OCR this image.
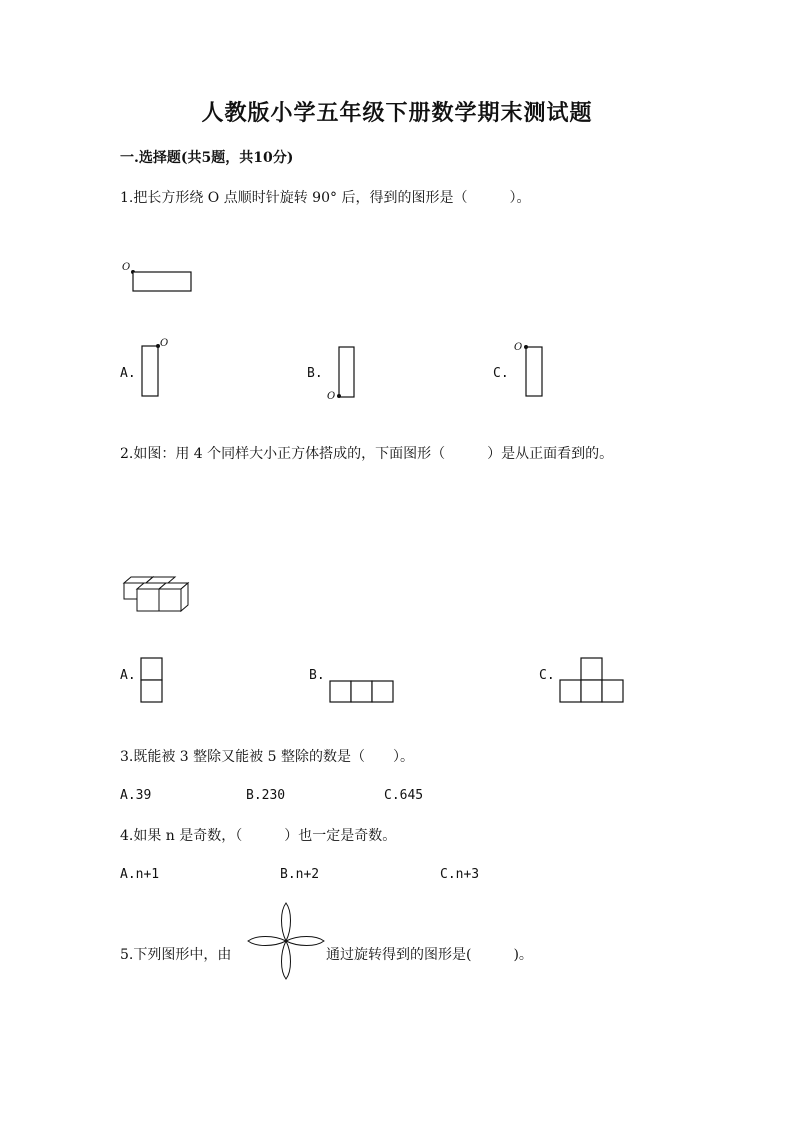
人教版小学五年级下册数学期末测试题
一.选择题(共5题，共10分)
1.把长方形绕 O 点顺时针旋转 90° 后，得到的图形是（　　　）。
O
A.
O
B.
O
C.
O
2.如图：用 4 个同样大小正方体搭成的，下面图形（　　　）是从正面看到的。
A.	B.	C.
3.既能被 3 整除又能被 5 整除的数是（　　）。
A.39	B.230	C.645
4.如果 n 是奇数，（　　　）也一定是奇数。
A.n+1	B.n+2	C.n+3
5.下列图形中，由	通过旋转得到的图形是(　　　)。
